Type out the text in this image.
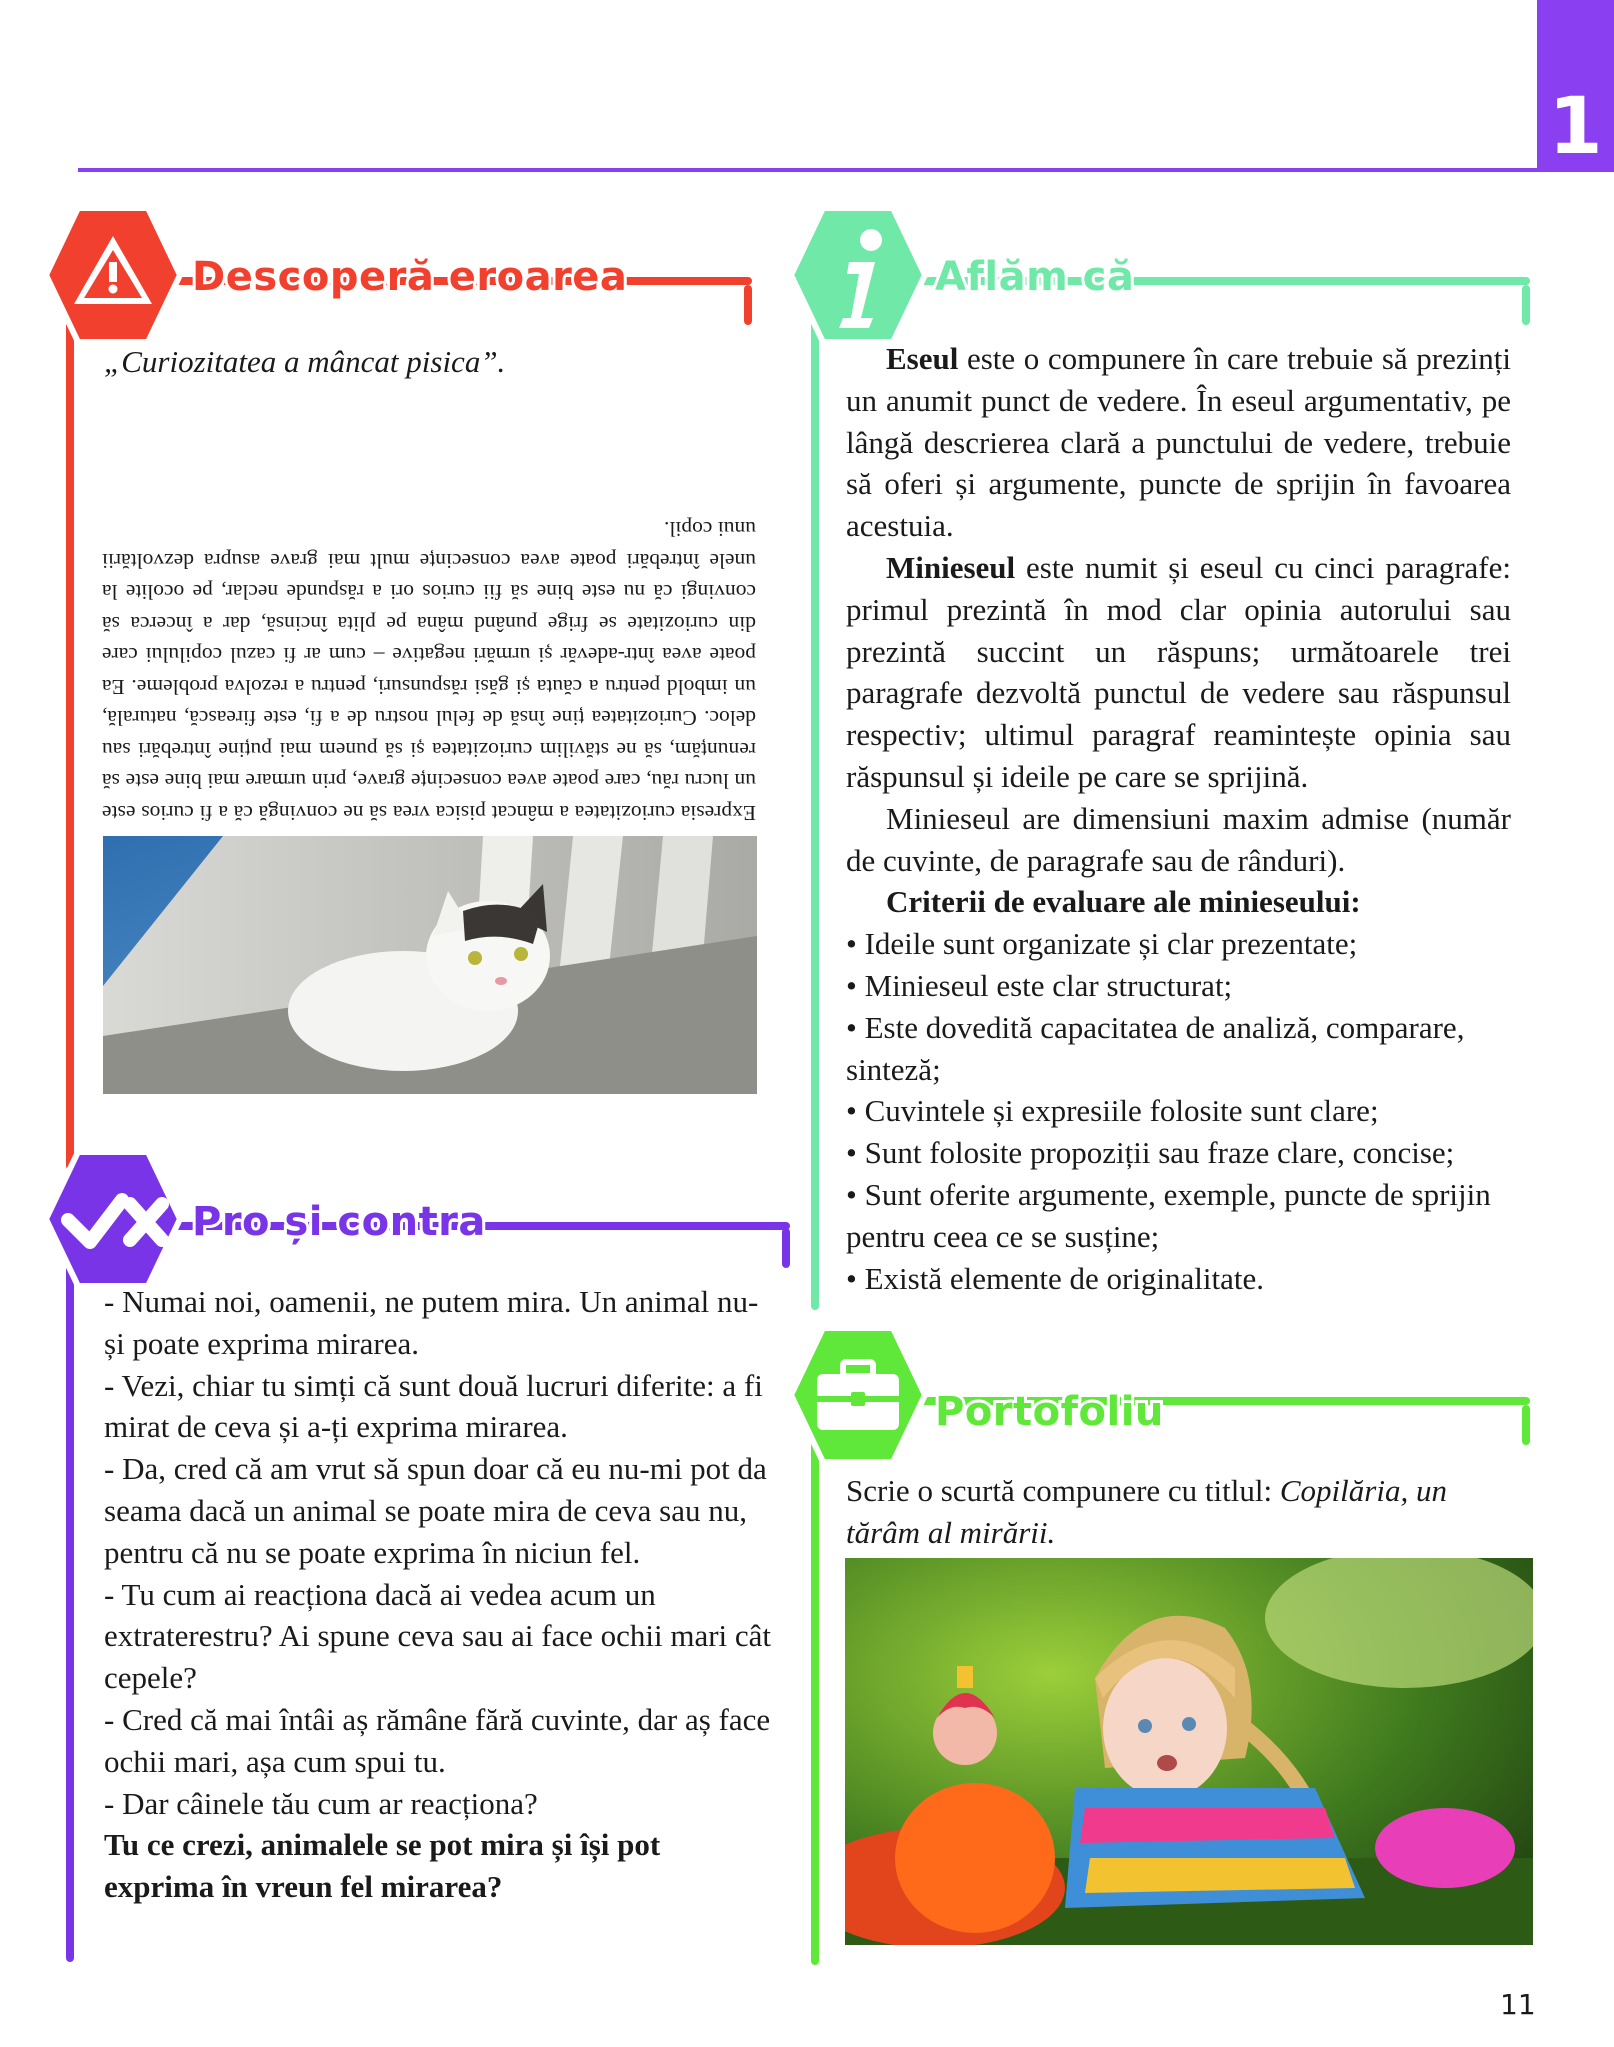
1
Descoperă eroarea
„Curiozitatea a mâncat pisica”.
Expresia curiozitatea a mâncat pisica vrea să ne convingă că a fi curios este un lucru rău, care poate avea consecințe grave, prin urmare mai bine este să renunțăm, să ne stăvilim curiozitatea și să punem mai puține întrebări sau deloc. Curiozitatea ține însă de felul nostru de a fi, este firească, naturală, un imbold pentru a căuta și găsi răspunsuri, pentru a rezolva probleme. Ea poate avea într-adevăr și urmări negative – cum ar fi cazul copilului care din curiozitate se frige punând mâna pe plita încinsă, dar a încerca să convingi că nu este bine să fii curios ori a răspunde neclar, pe ocolite la unele întrebări poate avea consecințe mult mai grave asupra dezvoltării unui copil.
Pro și contra

- Numai noi, oamenii, ne putem mira. Un animal nu-și poate exprima mirarea.

- Vezi, chiar tu simți că sunt două lucruri diferite: a fi mirat de ceva și a-ți exprima mirarea.

- Da, cred că am vrut să spun doar că eu nu-mi pot da seama dacă un animal se poate mira de ceva sau nu, pentru că nu se poate exprima în niciun fel.

- Tu cum ai reacționa dacă ai vedea acum un extraterestru? Ai spune ceva sau ai face ochii mari cât cepele?

- Cred că mai întâi aș rămâne fără cuvinte, dar aș face ochii mari, așa cum spui tu.

- Dar câinele tău cum ar reacționa?

Tu ce crezi, animalele se pot mira și își pot exprima în vreun fel mirarea?

Aflăm că

Eseul este o compunere în care trebuie să prezinți un anumit punct de vedere. În eseul argumentativ, pe lângă descrierea clară a punctului de vedere, trebuie să oferi și argumente, puncte de sprijin în favoarea acestuia.

Minieseul este numit și eseul cu cinci paragrafe: primul prezintă în mod clar opinia autorului sau prezintă succint un răspuns; următoarele trei paragrafe dezvoltă punctul de vedere sau răspunsul respectiv; ultimul paragraf reamintește opinia sau răspunsul și ideile pe care se sprijină.

Minieseul are dimensiuni maxim admise (număr de cuvinte, de paragrafe sau de rânduri).

Criterii de evaluare ale minieseului:

• Ideile sunt organizate și clar prezentate;

• Minieseul este clar structurat;

• Este dovedită capacitatea de analiză, comparare, sinteză;

• Cuvintele și expresiile folosite sunt clare;

• Sunt folosite propoziții sau fraze clare, concise;

• Sunt oferite argumente, exemple, puncte de sprijin pentru ceea ce se susține;

• Există elemente de originalitate.

Portofoliu
Scrie o scurtă compunere cu titlul: Copilăria, un tărâm al mirării.
11
